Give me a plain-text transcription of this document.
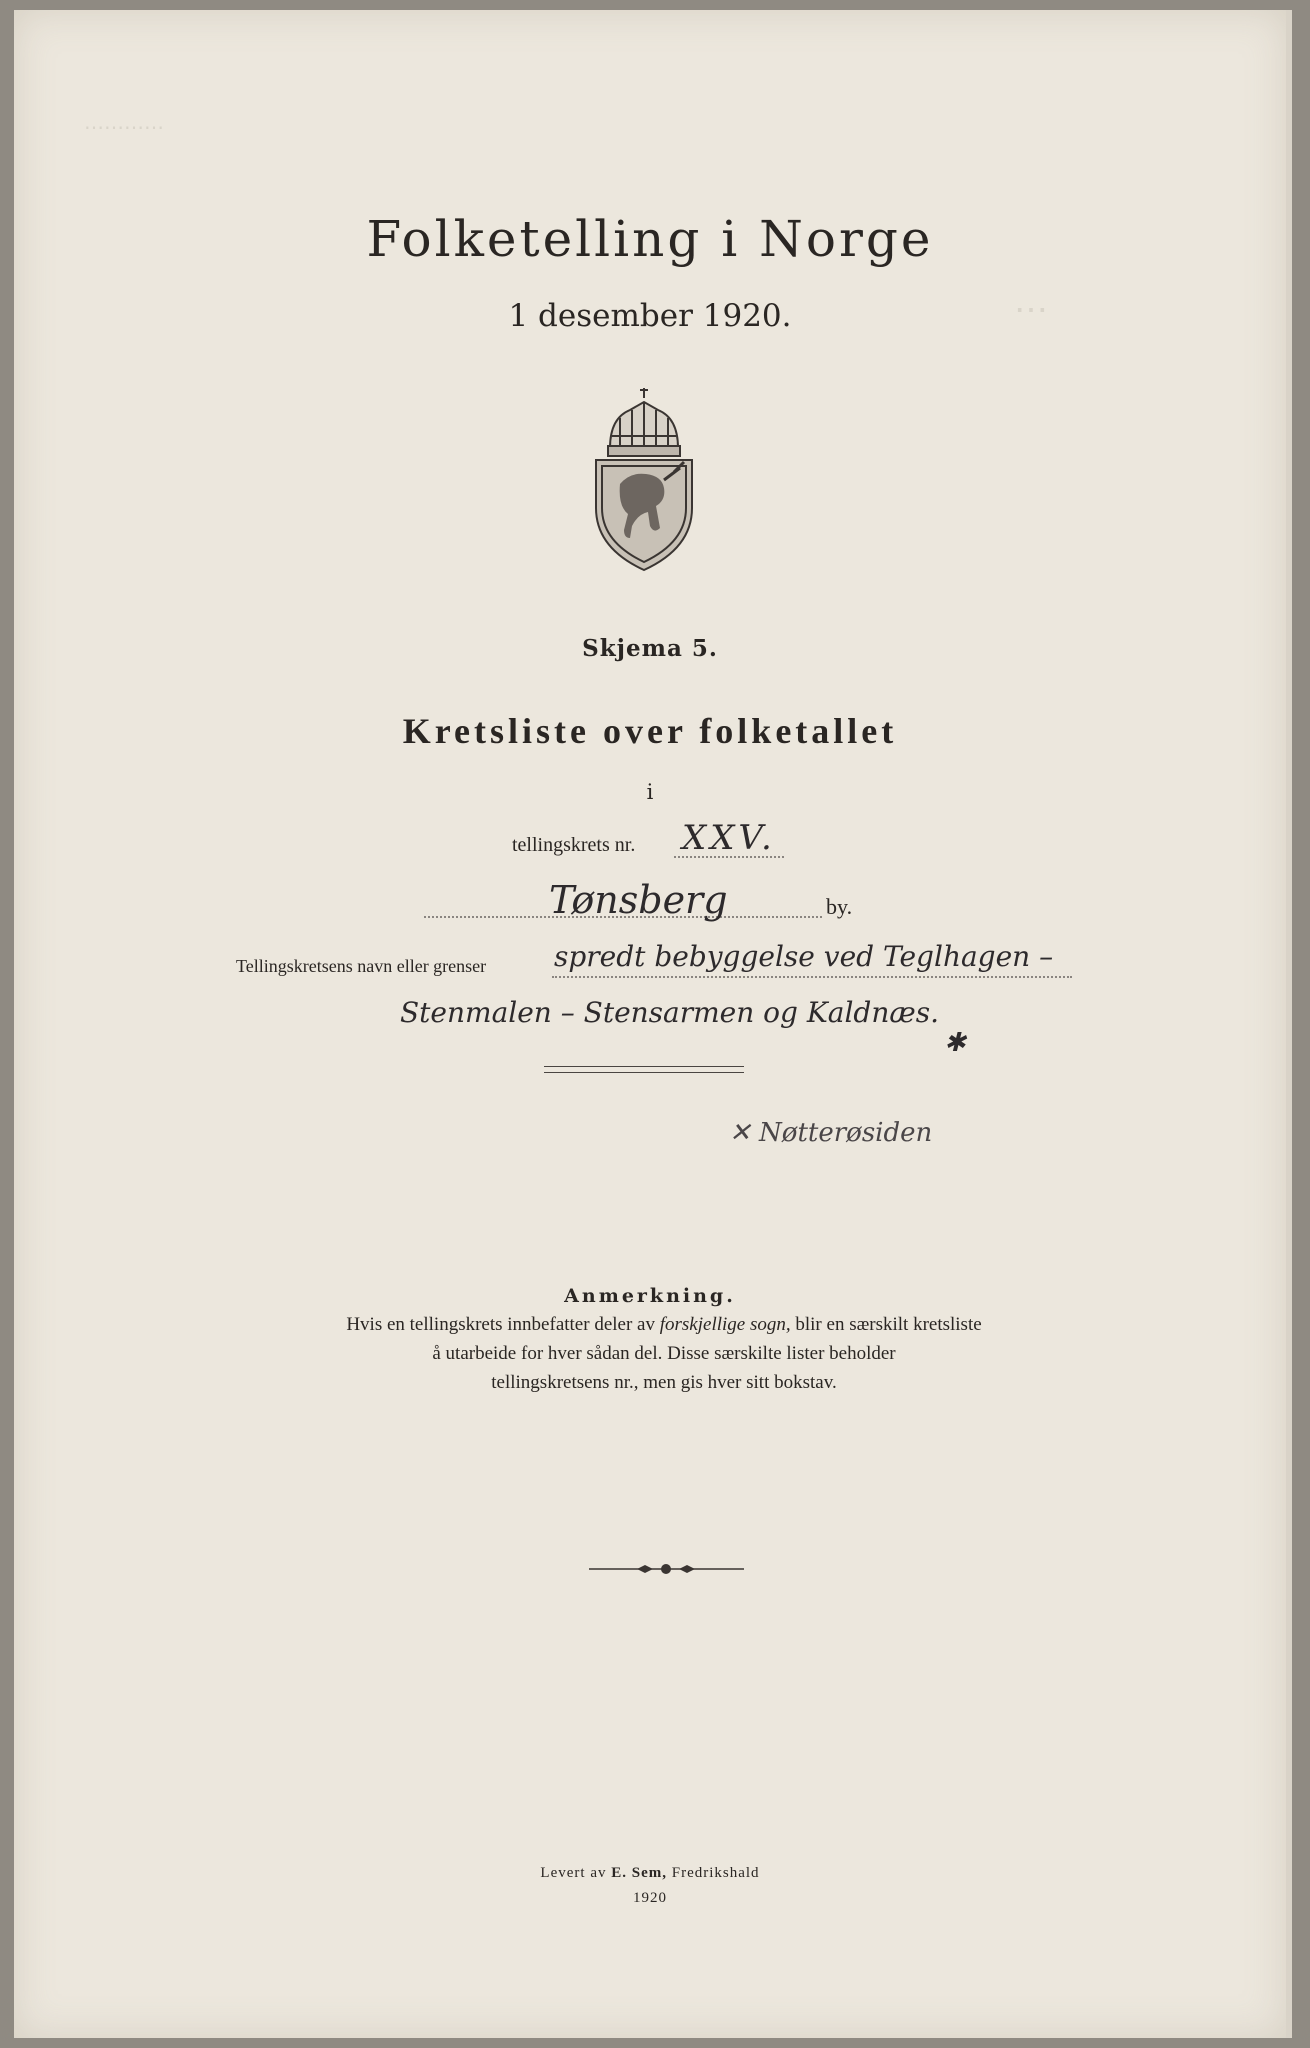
⋯⋯⋯⋯
⋯
Folketelling i Norge
1 desember 1920.
Skjema 5.
Kretsliste over folketallet
i
tellingskrets nr. XXV.
Tønsberg	by.
Tellingskretsens navn eller grenser spredt bebyggelse ved Teglhagen –
Stenmalen – Stensarmen og Kaldnæs.
✱
✕ Nøtterøsiden
Anmerkning.
Hvis en tellingskrets innbefatter deler av forskjellige sogn, blir en særskilt kretsliste
å utarbeide for hver sådan del. Disse særskilte lister beholder
tellingskretsens nr., men gis hver sitt bokstav.
Levert av E. Sem, Fredrikshald
1920
